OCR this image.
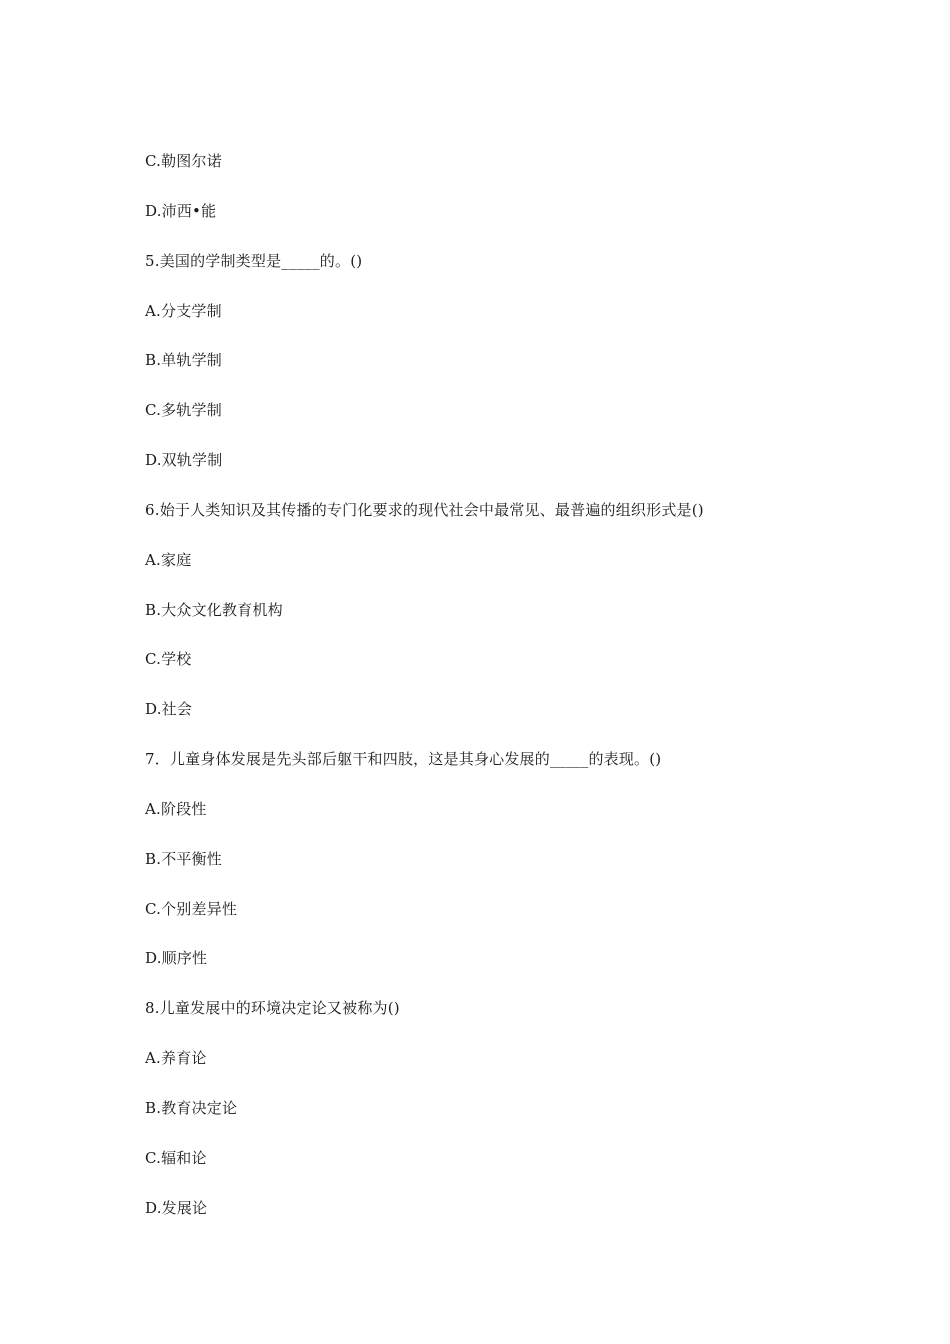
C.勒图尔诺
D.沛西•能
5.美国的学制类型是_____的。()
A.分支学制
B.单轨学制
C.多轨学制
D.双轨学制
6.始于人类知识及其传播的专门化要求的现代社会中最常见、最普遍的组织形式是()
A.家庭
B.大众文化教育机构
C.学校
D.社会
7．儿童身体发展是先头部后躯干和四肢，这是其身心发展的_____的表现。()
A.阶段性
B.不平衡性
C.个别差异性
D.顺序性
8.儿童发展中的环境决定论又被称为()
A.养育论
B.教育决定论
C.辐和论
D.发展论
